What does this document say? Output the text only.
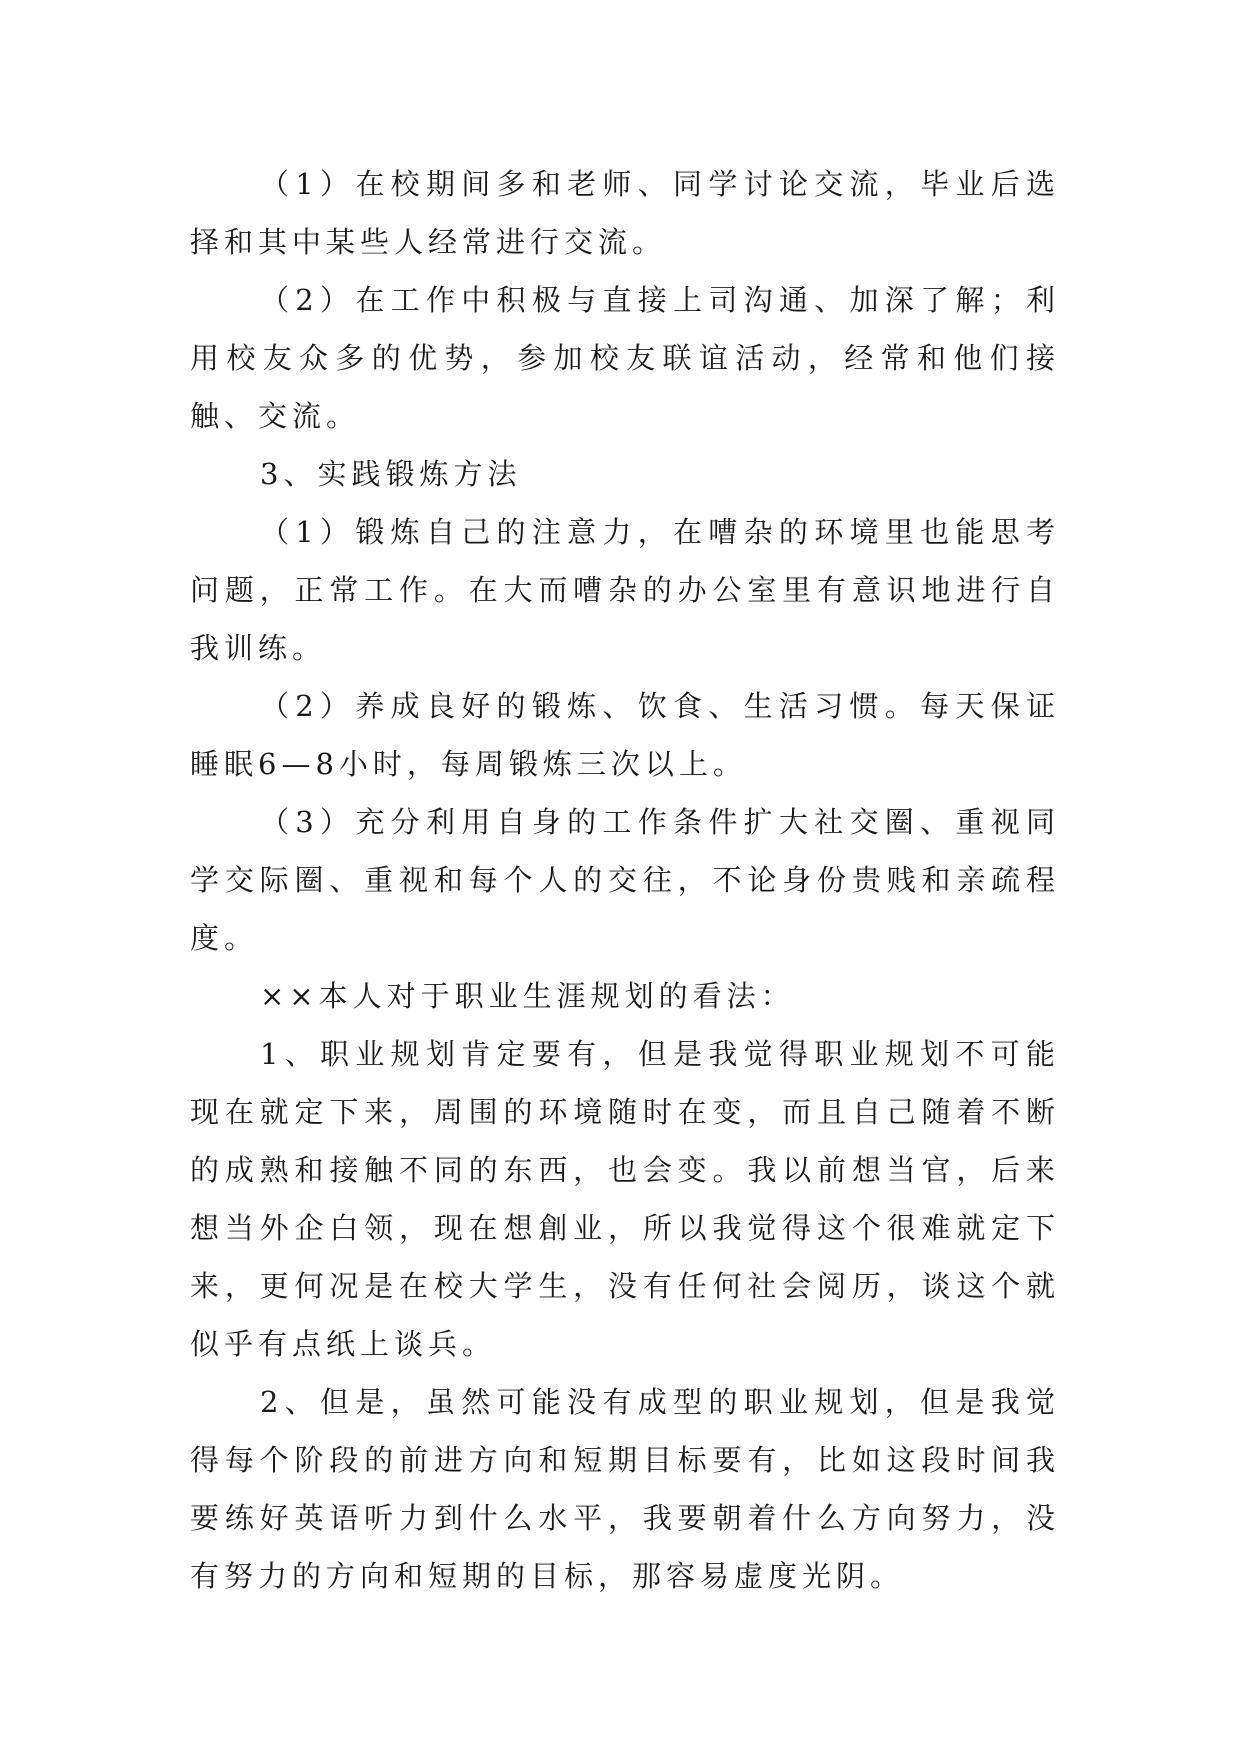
（1）在校期间多和老师、同学讨论交流，毕业后选择和其中某些人经常进行交流。

（2）在工作中积极与直接上司沟通、加深了解；利用校友众多的优势，参加校友联谊活动，经常和他们接触、交流。

3、实践锻炼方法

（1）锻炼自己的注意力，在嘈杂的环境里也能思考问题，正常工作。在大而嘈杂的办公室里有意识地进行自我训练。

（2）养成良好的锻炼、饮食、生活习惯。每天保证睡眠6—8小时，每周锻炼三次以上。

（3）充分利用自身的工作条件扩大社交圈、重视同学交际圈、重视和每个人的交往，不论身份贵贱和亲疏程度。

××本人对于职业生涯规划的看法：

1、职业规划肯定要有，但是我觉得职业规划不可能现在就定下来，周围的环境随时在变，而且自己随着不断的成熟和接触不同的东西，也会变。我以前想当官，后来想当外企白领，现在想創业，所以我觉得这个很难就定下来，更何况是在校大学生，没有任何社会阅历，谈这个就似乎有点纸上谈兵。

2、但是，虽然可能没有成型的职业规划，但是我觉得每个阶段的前进方向和短期目标要有，比如这段时间我要练好英语听力到什么水平，我要朝着什么方向努力，没有努力的方向和短期的目标，那容易虚度光阴。
